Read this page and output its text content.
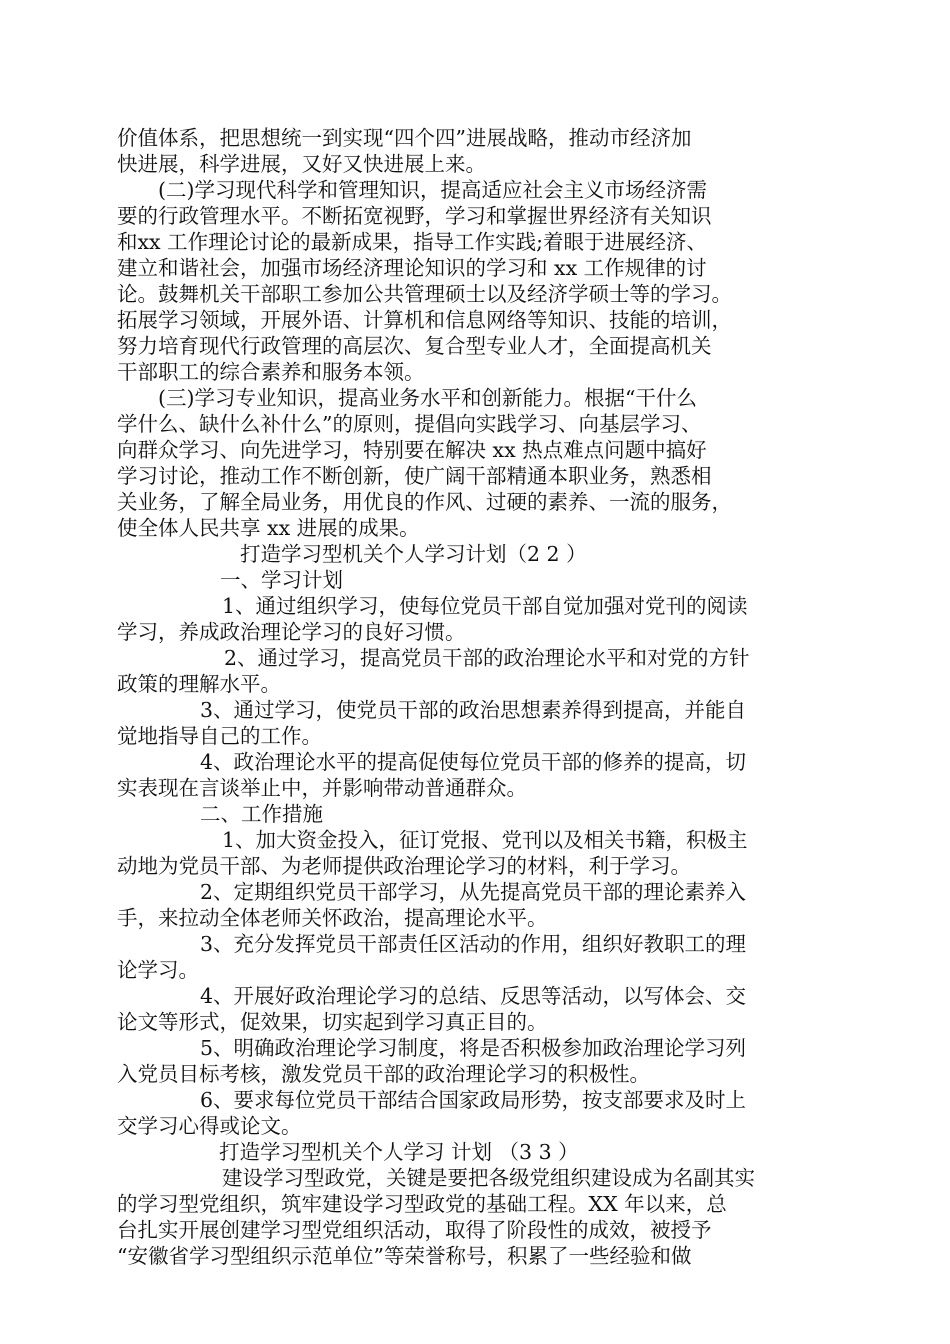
价值体系，把思想统一到实现“四个四”进展战略，推动市经济加
快进展，科学进展，又好又快进展上来。
(二)学习现代科学和管理知识，提高适应社会主义市场经济需
要的行政管理水平。不断拓宽视野，学习和掌握世界经济有关知识
和xx 工作理论讨论的最新成果，指导工作实践;着眼于进展经济、
建立和谐社会，加强市场经济理论知识的学习和 xx 工作规律的讨
论。鼓舞机关干部职工参加公共管理硕士以及经济学硕士等的学习。
拓展学习领域，开展外语、计算机和信息网络等知识、技能的培训，
努力培育现代行政管理的高层次、复合型专业人才，全面提高机关
干部职工的综合素养和服务本领。
(三)学习专业知识，提高业务水平和创新能力。根据“干什么
学什么、缺什么补什么”的原则，提倡向实践学习、向基层学习、
向群众学习、向先进学习，特别要在解决 xx 热点难点问题中搞好
学习讨论，推动工作不断创新，使广阔干部精通本职业务，熟悉相
关业务，了解全局业务，用优良的作风、过硬的素养、一流的服务，
使全体人民共享 xx 进展的成果。
打造学习型机关个人学习计划（2 2 ）
一、学习计划
1、通过组织学习，使每位党员干部自觉加强对党刊的阅读
学习，养成政治理论学习的良好习惯。
2、通过学习，提高党员干部的政治理论水平和对党的方针
政策的理解水平。
3、通过学习，使党员干部的政治思想素养得到提高，并能自
觉地指导自己的工作。
4、政治理论水平的提高促使每位党员干部的修养的提高，切
实表现在言谈举止中，并影响带动普通群众。
二、工作措施
1、加大资金投入，征订党报、党刊以及相关书籍，积极主
动地为党员干部、为老师提供政治理论学习的材料，利于学习。
2、定期组织党员干部学习，从先提高党员干部的理论素养入
手，来拉动全体老师关怀政治，提高理论水平。
3、充分发挥党员干部责任区活动的作用，组织好教职工的理
论学习。
4、开展好政治理论学习的总结、反思等活动，以写体会、交
论文等形式，促效果，切实起到学习真正目的。
5、明确政治理论学习制度，将是否积极参加政治理论学习列
入党员目标考核，激发党员干部的政治理论学习的积极性。
6、要求每位党员干部结合国家政局形势，按支部要求及时上
交学习心得或论文。
打造学习型机关个人学习 计划 （3 3 ）
建设学习型政党，关键是要把各级党组织建设成为名副其实
的学习型党组织，筑牢建设学习型政党的基础工程。XX 年以来，总
台扎实开展创建学习型党组织活动，取得了阶段性的成效，被授予
“安徽省学习型组织示范单位”等荣誉称号，积累了一些经验和做
